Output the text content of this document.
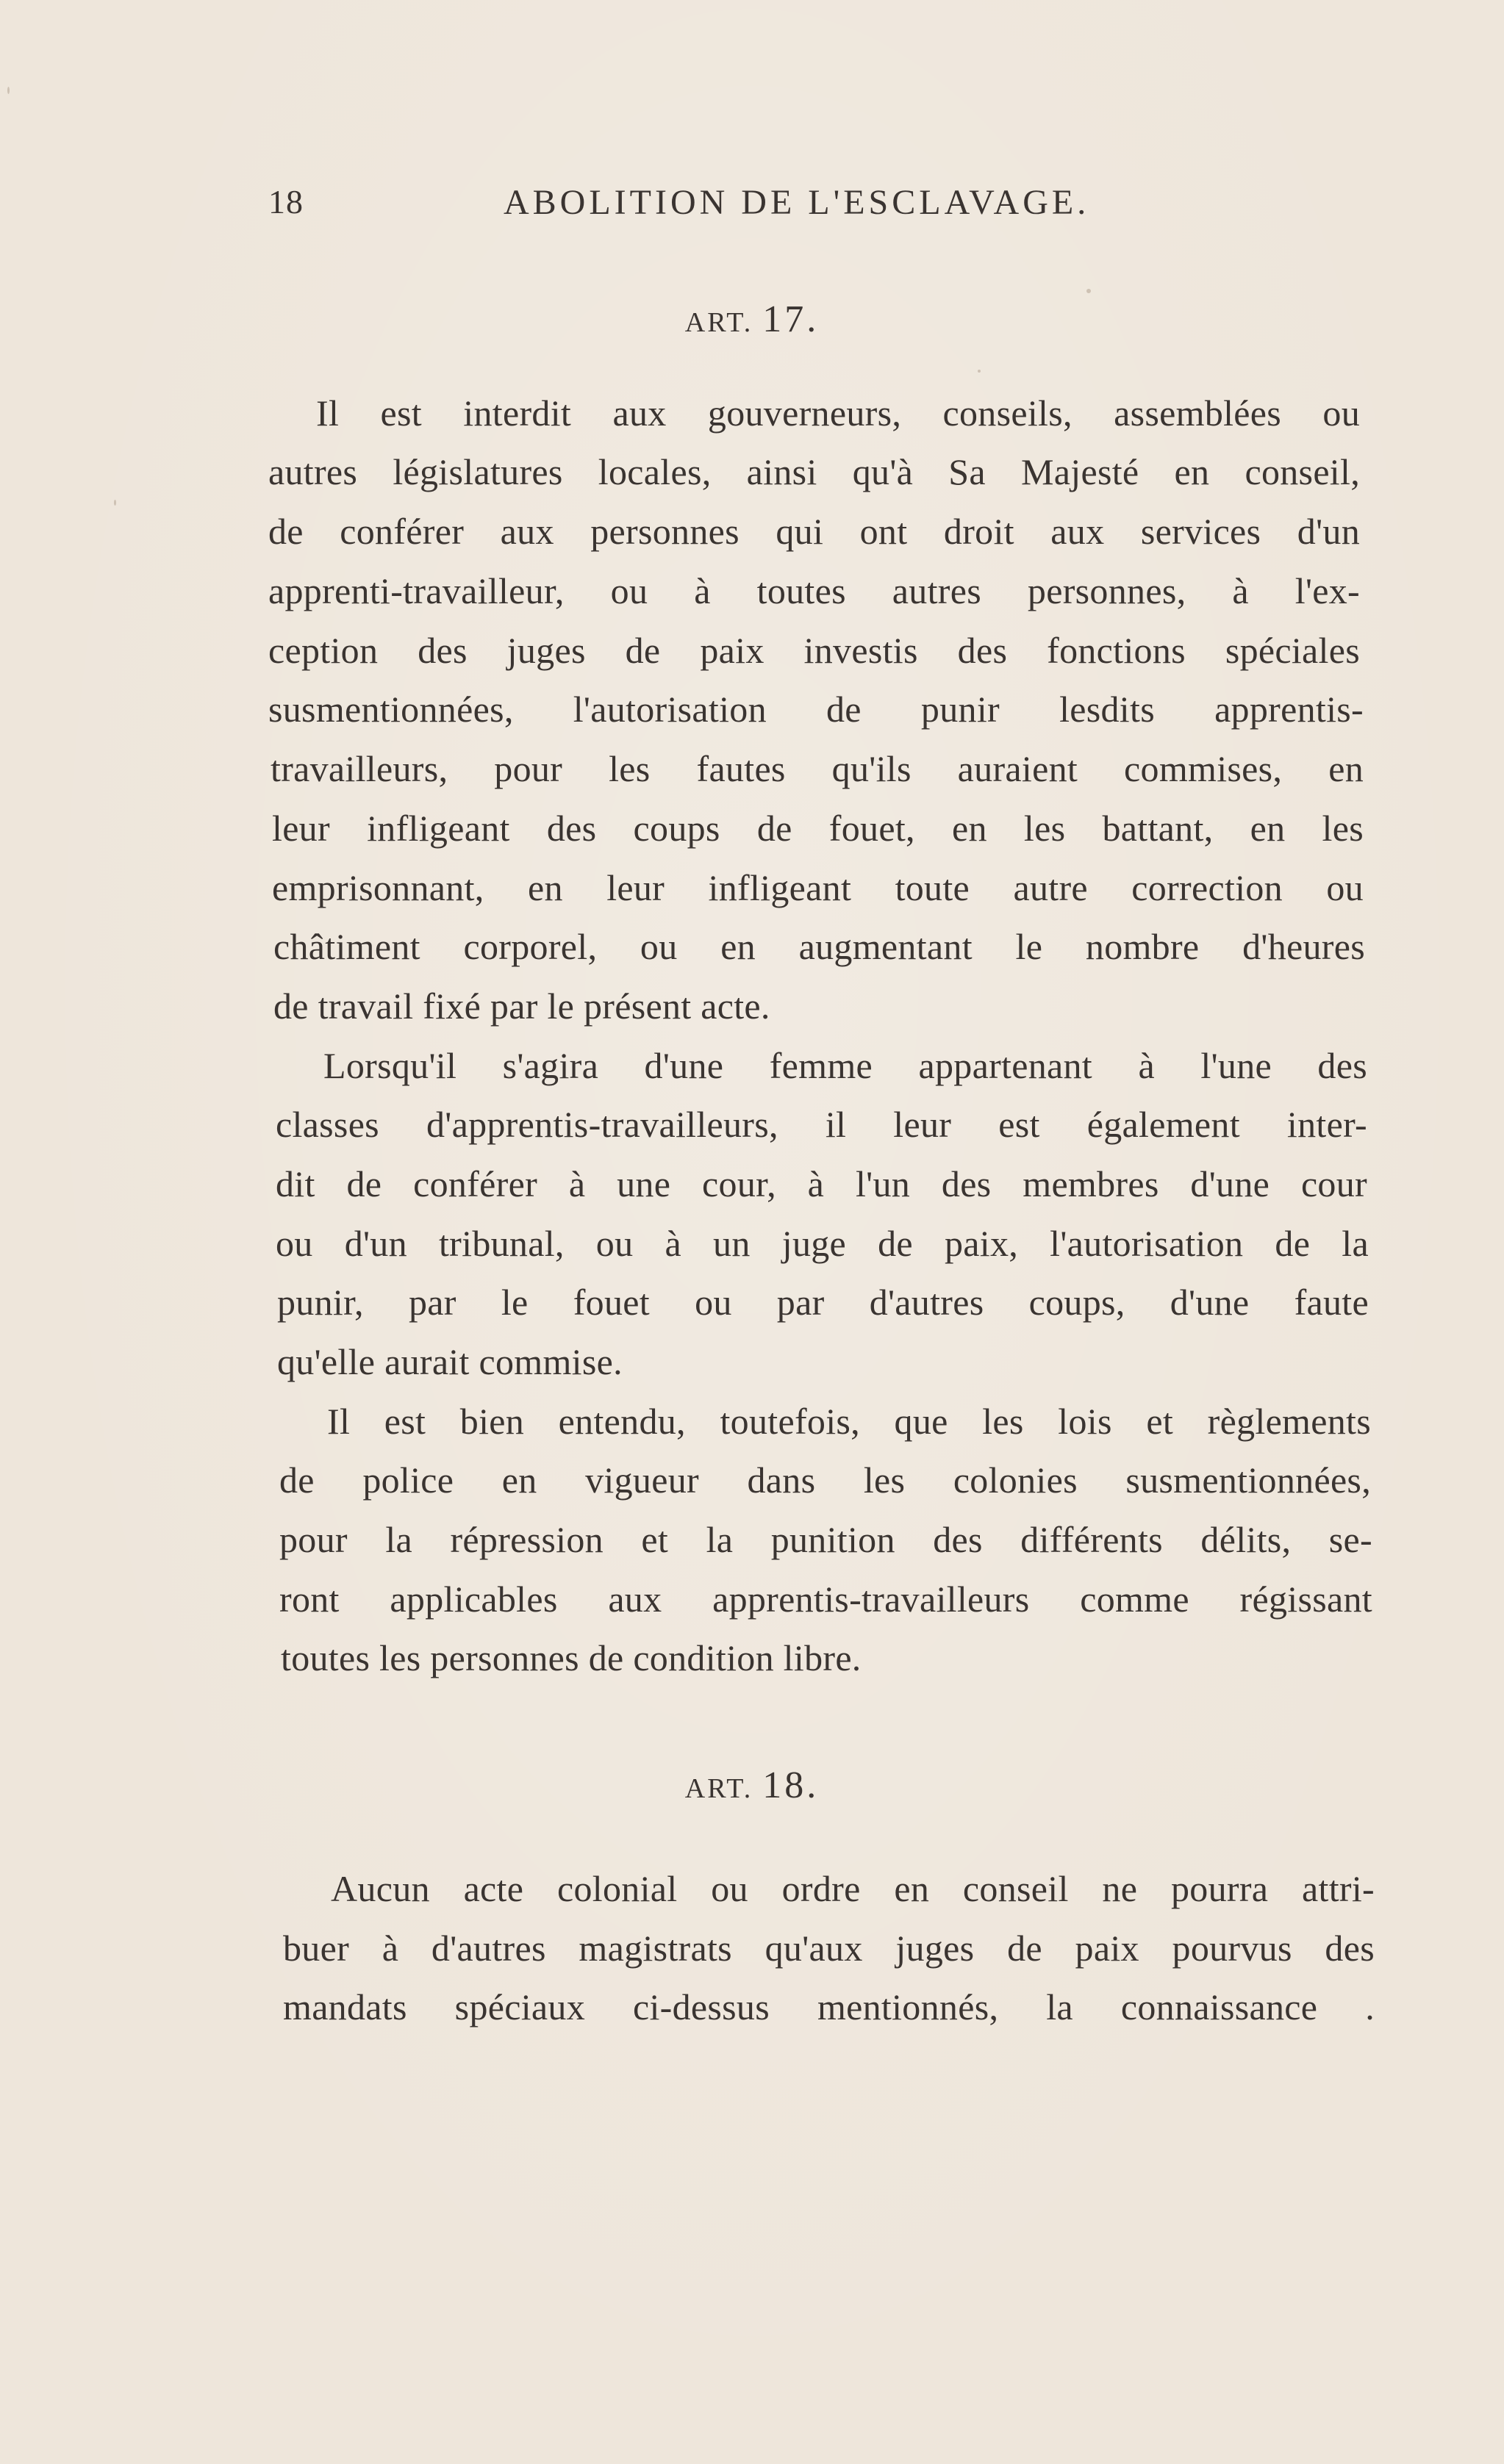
18	ABOLITION DE L'ESCLAVAGE.
ART. 17.
Il est interdit aux gouverneurs, conseils, assemblées ou
autres législatures locales, ainsi qu'à Sa Majesté en conseil,
de conférer aux personnes qui ont droit aux services d'un
apprenti-travailleur, ou à toutes autres personnes, à l'ex-
ception des juges de paix investis des fonctions spéciales
susmentionnées, l'autorisation de punir lesdits apprentis-
travailleurs, pour les fautes qu'ils auraient commises, en
leur infligeant des coups de fouet, en les battant, en les
emprisonnant, en leur infligeant toute autre correction ou
châtiment corporel, ou en augmentant le nombre d'heures
de travail fixé par le présent acte.
Lorsqu'il s'agira d'une femme appartenant à l'une des
classes d'apprentis-travailleurs, il leur est également inter-
dit de conférer à une cour, à l'un des membres d'une cour
ou d'un tribunal, ou à un juge de paix, l'autorisation de la
punir, par le fouet ou par d'autres coups, d'une faute
qu'elle aurait commise.
Il est bien entendu, toutefois, que les lois et règlements
de police en vigueur dans les colonies susmentionnées,
pour la répression et la punition des différents délits, se-
ront applicables aux apprentis-travailleurs comme régissant
toutes les personnes de condition libre.
ART. 18.
Aucun acte colonial ou ordre en conseil ne pourra attri-
buer à d'autres magistrats qu'aux juges de paix pourvus des
mandats spéciaux ci-dessus mentionnés, la connaissance .
